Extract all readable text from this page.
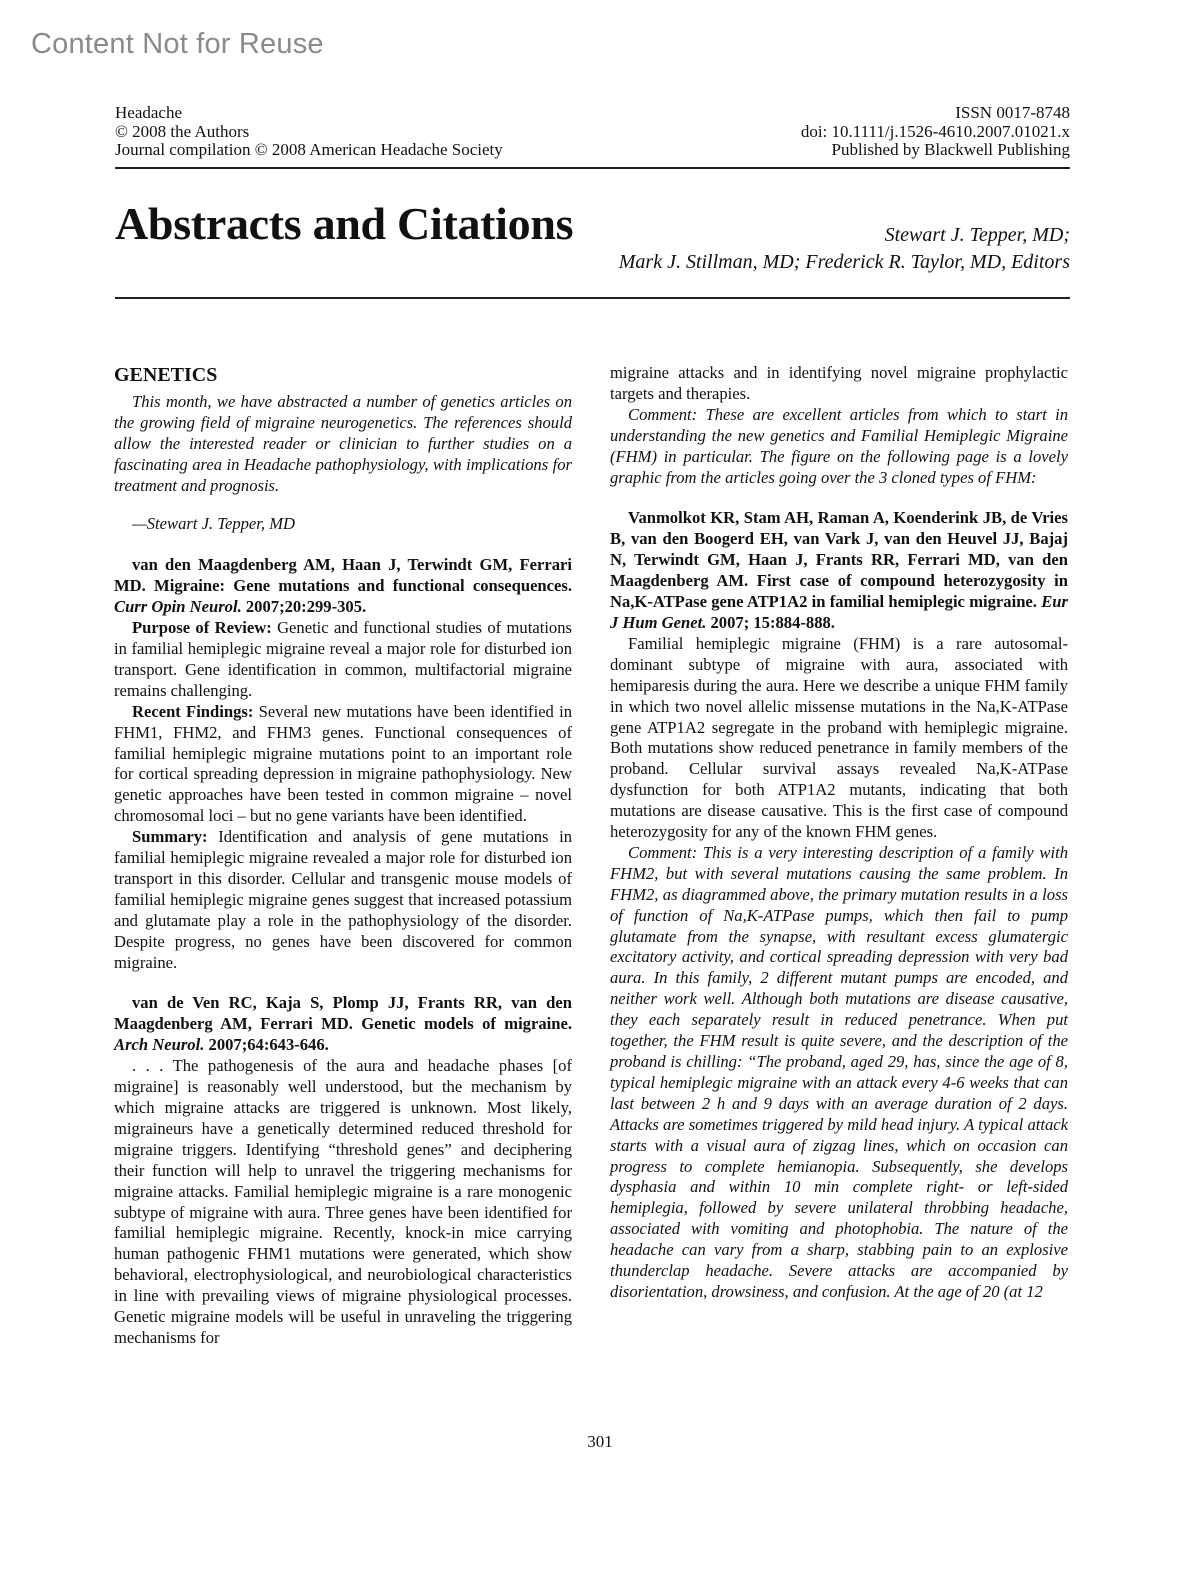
Content Not for Reuse
Headache
© 2008 the Authors
Journal compilation © 2008 American Headache Society
ISSN 0017-8748
doi: 10.1111/j.1526-4610.2007.01021.x
Published by Blackwell Publishing
Abstracts and Citations	Stewart J. Tepper, MD;
Mark J. Stillman, MD; Frederick R. Taylor, MD, Editors
GENETICS

This month, we have abstracted a number of genetics articles on the growing field of migraine neurogenetics. The references should allow the interested reader or clinician to further studies on a fascinating area in Headache pathophysiology, with implications for treatment and prognosis.

—Stewart J. Tepper, MD

van den Maagdenberg AM, Haan J, Terwindt GM, Ferrari MD. Migraine: Gene mutations and functional consequences. Curr Opin Neurol. 2007;20:299-305.

Purpose of Review: Genetic and functional studies of mutations in familial hemiplegic migraine reveal a major role for disturbed ion transport. Gene identification in common, multifactorial migraine remains challenging.

Recent Findings: Several new mutations have been identified in FHM1, FHM2, and FHM3 genes. Functional consequences of familial hemiplegic migraine mutations point to an important role for cortical spreading depression in migraine pathophysiology. New genetic approaches have been tested in common migraine – novel chromosomal loci – but no gene variants have been identified.

Summary: Identification and analysis of gene mutations in familial hemiplegic migraine revealed a major role for disturbed ion transport in this disorder. Cellular and transgenic mouse models of familial hemiplegic migraine genes suggest that increased potassium and glutamate play a role in the pathophysiology of the disorder. Despite progress, no genes have been discovered for common migraine.

van de Ven RC, Kaja S, Plomp JJ, Frants RR, van den Maagdenberg AM, Ferrari MD. Genetic models of migraine. Arch Neurol. 2007;64:643-646.

. . . The pathogenesis of the aura and headache phases [of migraine] is reasonably well understood, but the mechanism by which migraine attacks are triggered is unknown. Most likely, migraineurs have a genetically determined reduced threshold for migraine triggers. Identifying “threshold genes” and deciphering their function will help to unravel the triggering mechanisms for migraine attacks. Familial hemiplegic migraine is a rare monogenic subtype of migraine with aura. Three genes have been identified for familial hemiplegic migraine. Recently, knock-in mice carrying human pathogenic FHM1 mutations were generated, which show behavioral, electrophysiological, and neurobiological characteristics in line with prevailing views of migraine physiological processes. Genetic migraine models will be useful in unraveling the triggering mechanisms for

migraine attacks and in identifying novel migraine prophylactic targets and therapies.

Comment: These are excellent articles from which to start in understanding the new genetics and Familial Hemiplegic Migraine (FHM) in particular. The figure on the following page is a lovely graphic from the articles going over the 3 cloned types of FHM:

Vanmolkot KR, Stam AH, Raman A, Koenderink JB, de Vries B, van den Boogerd EH, van Vark J, van den Heuvel JJ, Bajaj N, Terwindt GM, Haan J, Frants RR, Ferrari MD, van den Maagdenberg AM. First case of compound heterozygosity in Na,K-ATPase gene ATP1A2 in familial hemiplegic migraine. Eur J Hum Genet. 2007; 15:884-888.

Familial hemiplegic migraine (FHM) is a rare autosomal-dominant subtype of migraine with aura, associated with hemiparesis during the aura. Here we describe a unique FHM family in which two novel allelic missense mutations in the Na,K-ATPase gene ATP1A2 segregate in the proband with hemiplegic migraine. Both mutations show reduced penetrance in family members of the proband. Cellular survival assays revealed Na,K-ATPase dysfunction for both ATP1A2 mutants, indicating that both mutations are disease causative. This is the first case of compound heterozygosity for any of the known FHM genes.

Comment: This is a very interesting description of a family with FHM2, but with several mutations causing the same problem. In FHM2, as diagrammed above, the primary mutation results in a loss of function of Na,K-ATPase pumps, which then fail to pump glutamate from the synapse, with resultant excess glumatergic excitatory activity, and cortical spreading depression with very bad aura. In this family, 2 different mutant pumps are encoded, and neither work well. Although both mutations are disease causative, they each separately result in reduced penetrance. When put together, the FHM result is quite severe, and the description of the proband is chilling: “The proband, aged 29, has, since the age of 8, typical hemiplegic migraine with an attack every 4-6 weeks that can last between 2 h and 9 days with an average duration of 2 days. Attacks are sometimes triggered by mild head injury. A typical attack starts with a visual aura of zigzag lines, which on occasion can progress to complete hemianopia. Subsequently, she develops dysphasia and within 10 min complete right- or left-sided hemiplegia, followed by severe unilateral throbbing headache, associated with vomiting and photophobia. The nature of the headache can vary from a sharp, stabbing pain to an explosive thunderclap headache. Severe attacks are accompanied by disorientation, drowsiness, and confusion. At the age of 20 (at 12

301
